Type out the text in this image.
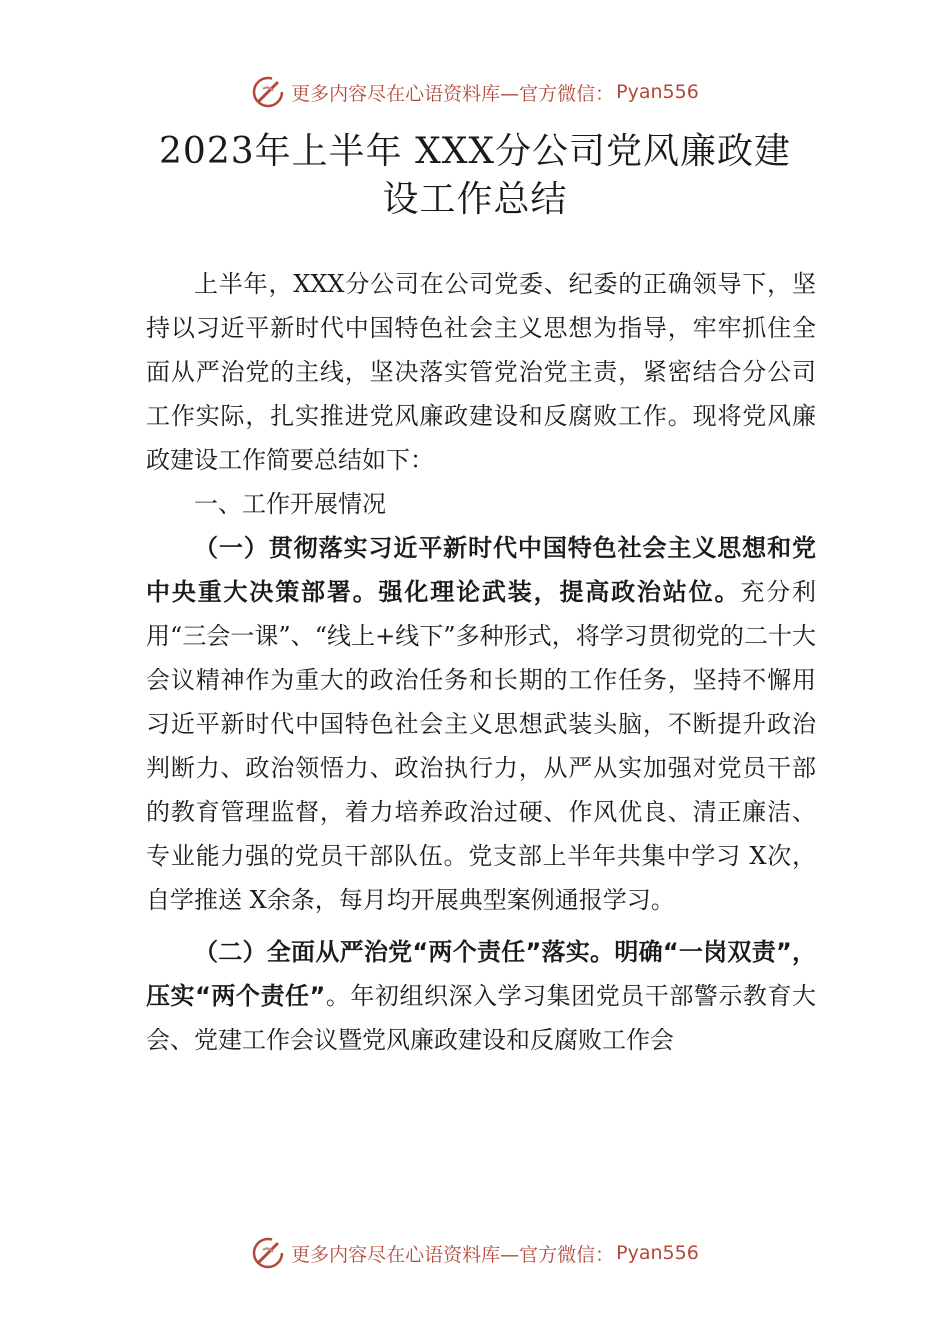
更多内容尽在心语资料库—官方微信： Pyan556
2023年上半年 XXX分公司党风廉政建
设工作总结

上半年，XXX分公司在公司党委、纪委的正确领导下，坚持以习近平新时代中国特色社会主义思想为指导，牢牢抓住全面从严治党的主线，坚决落实管党治党主责，紧密结合分公司工作实际，扎实推进党风廉政建设和反腐败工作。现将党风廉政建设工作简要总结如下：

一、工作开展情况

（一）贯彻落实习近平新时代中国特色社会主义思想和党中央重大决策部署。强化理论武装，提高政治站位。充分利用“三会一课”、“线上+线下”多种形式，将学习贯彻党的二十大会议精神作为重大的政治任务和长期的工作任务，坚持不懈用习近平新时代中国特色社会主义思想武装头脑，不断提升政治判断力、政治领悟力、政治执行力，从严从实加强对党员干部的教育管理监督，着力培养政治过硬、作风优良、清正廉洁、专业能力强的党员干部队伍。党支部上半年共集中学习 X次，自学推送 X余条，每月均开展典型案例通报学习。

（二）全面从严治党“两个责任”落实。明确“一岗双责”，压实“两个责任”。年初组织深入学习集团党员干部警示教育大会、党建工作会议暨党风廉政建设和反腐败工作会

更多内容尽在心语资料库—官方微信： Pyan556
